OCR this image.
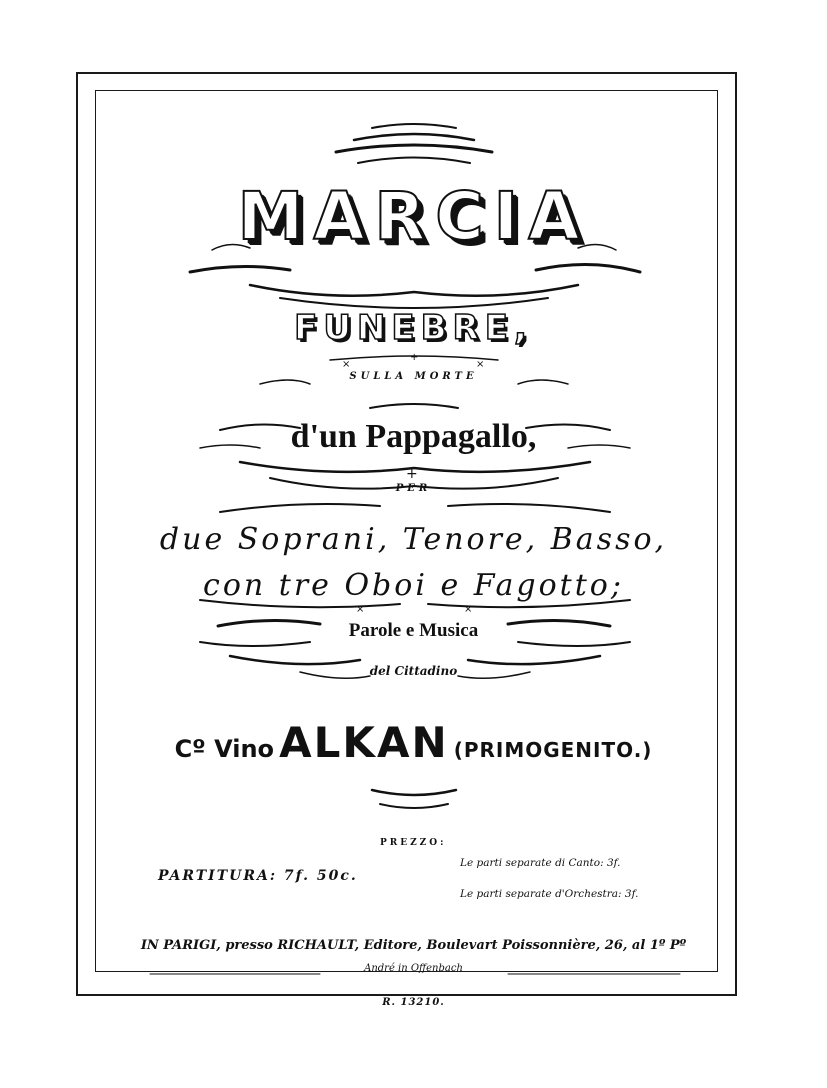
×	×
+
+
×	×
MARCIA
FUNEBRE,
SULLA MORTE
d'un Pappagallo,
PER
due Soprani, Tenore, Basso,
con tre Oboi e Fagotto;
Parole e Musica
del Cittadino
Cº Vino ALKAN (PRIMOGENITO.)
PREZZO:
PARTITURA: 7f. 50c.
Le parti separate di Canto: 3f.
Le parti separate d'Orchestra: 3f.
IN PARIGI, presso RICHAULT, Editore, Boulevart Poissonnière, 26, al 1º Pº
André in Offenbach
R. 13210.
